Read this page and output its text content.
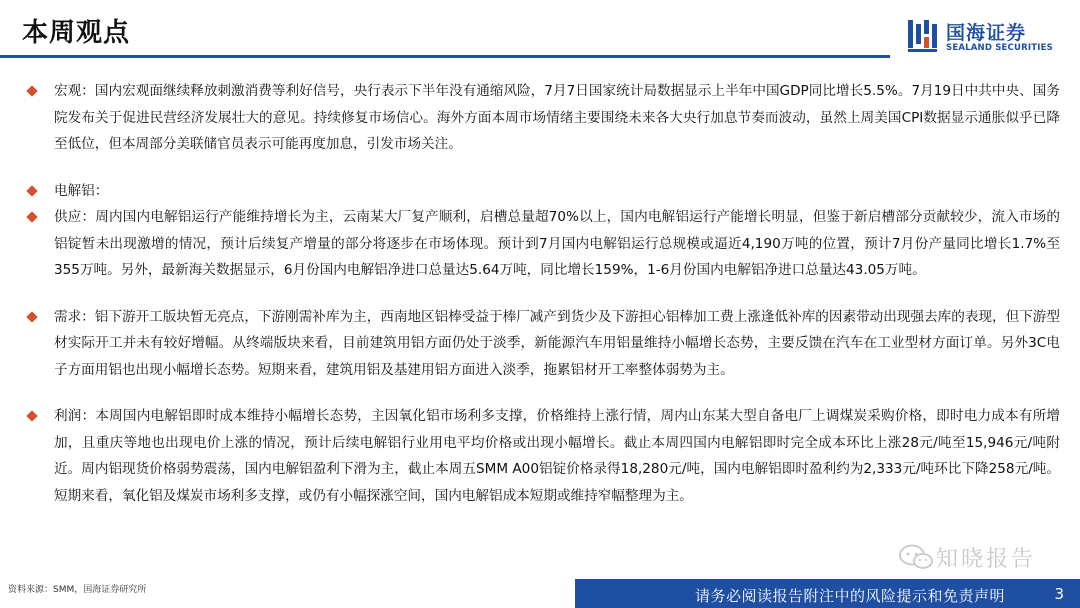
本周观点	国海证券
SEALAND SECURITIES
宏观：国内宏观面继续释放刺激消费等利好信号，央行表示下半年没有通缩风险，7月7日国家统计局数据显示上半年中国GDP同比增长5.5%。7月19日中共中央、国务院发布关于促进民营经济发展壮大的意见。持续修复市场信心。海外方面本周市场情绪主要围绕未来各大央行加息节奏而波动，虽然上周美国CPI数据显示通胀似乎已降至低位，但本周部分美联储官员表示可能再度加息，引发市场关注。
电解铝：
供应：周内国内电解铝运行产能维持增长为主，云南某大厂复产顺利，启槽总量超70%以上，国内电解铝运行产能增长明显，但鉴于新启槽部分贡献较少，流入市场的铝锭暂未出现激增的情况，预计后续复产增量的部分将逐步在市场体现。预计到7月国内电解铝运行总规模或逼近4,190万吨的位置，预计7月份产量同比增长1.7%至355万吨。另外，最新海关数据显示，6月份国内电解铝净进口总量达5.64万吨，同比增长159%，1-6月份国内电解铝净进口总量达43.05万吨。
需求：铝下游开工版块暂无亮点，下游刚需补库为主，西南地区铝棒受益于棒厂减产到货少及下游担心铝棒加工费上涨逢低补库的因素带动出现强去库的表现，但下游型材实际开工并未有较好增幅。从终端版块来看，目前建筑用铝方面仍处于淡季，新能源汽车用铝量维持小幅增长态势，主要反馈在汽车在工业型材方面订单。另外3C电子方面用铝也出现小幅增长态势。短期来看，建筑用铝及基建用铝方面进入淡季，拖累铝材开工率整体弱势为主。
利润：本周国内电解铝即时成本维持小幅增长态势，主因氧化铝市场利多支撑，价格维持上涨行情，周内山东某大型自备电厂上调煤炭采购价格，即时电力成本有所增加，且重庆等地也出现电价上涨的情况，预计后续电解铝行业用电平均价格或出现小幅增长。截止本周四国内电解铝即时完全成本环比上涨28元/吨至15,946元/吨附近。周内铝现货价格弱势震荡，国内电解铝盈利下滑为主，截止本周五SMM A00铝锭价格录得18,280元/吨，国内电解铝即时盈利约为2,333元/吨环比下降258元/吨。短期来看，氧化铝及煤炭市场利多支撑，或仍有小幅探涨空间，国内电解铝成本短期或维持窄幅整理为主。
知晓报告
资料来源：SMM，国海证券研究所	请务必阅读报告附注中的风险提示和免责声明	3
